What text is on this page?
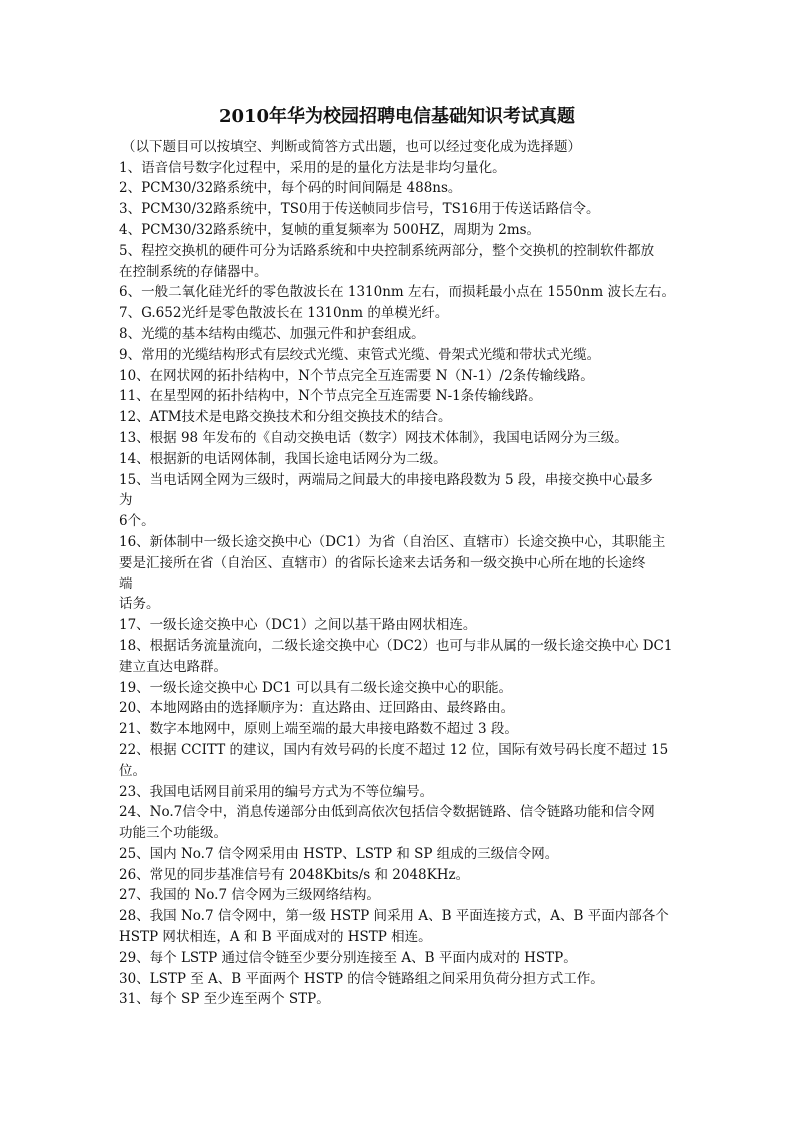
2010年华为校园招聘电信基础知识考试真题
（以下题目可以按填空、判断或简答方式出题，也可以经过变化成为选择题）
1、语音信号数字化过程中，采用的是的量化方法是非均匀量化。
2、PCM30/32路系统中，每个码的时间间隔是 488ns。
3、PCM30/32路系统中，TS0用于传送帧同步信号，TS16用于传送话路信令。
4、PCM30/32路系统中，复帧的重复频率为 500HZ，周期为 2ms。
5、程控交换机的硬件可分为话路系统和中央控制系统两部分，整个交换机的控制软件都放
在控制系统的存储器中。
6、一般二氧化硅光纤的零色散波长在 1310nm 左右，而损耗最小点在 1550nm 波长左右。
7、G.652光纤是零色散波长在 1310nm 的单模光纤。
8、光缆的基本结构由缆芯、加强元件和护套组成。
9、常用的光缆结构形式有层绞式光缆、束管式光缆、骨架式光缆和带状式光缆。
10、在网状网的拓扑结构中，N个节点完全互连需要 N（N-1）/2条传输线路。
11、在星型网的拓扑结构中，N个节点完全互连需要 N-1条传输线路。
12、ATM技术是电路交换技术和分组交换技术的结合。
13、根据 98 年发布的《自动交换电话（数字）网技术体制》，我国电话网分为三级。
14、根据新的电话网体制，我国长途电话网分为二级。
15、当电话网全网为三级时，两端局之间最大的串接电路段数为 5 段，串接交换中心最多
为
6个。
16、新体制中一级长途交换中心（DC1）为省（自治区、直辖市）长途交换中心，其职能主
要是汇接所在省（自治区、直辖市）的省际长途来去话务和一级交换中心所在地的长途终
端
话务。
17、一级长途交换中心（DC1）之间以基干路由网状相连。
18、根据话务流量流向，二级长途交换中心（DC2）也可与非从属的一级长途交换中心 DC1
建立直达电路群。
19、一级长途交换中心 DC1 可以具有二级长途交换中心的职能。
20、本地网路由的选择顺序为：直达路由、迂回路由、最终路由。
21、数字本地网中，原则上端至端的最大串接电路数不超过 3 段。
22、根据 CCITT 的建议，国内有效号码的长度不超过 12 位，国际有效号码长度不超过 15
位。
23、我国电话网目前采用的编号方式为不等位编号。
24、No.7信令中，消息传递部分由低到高依次包括信令数据链路、信令链路功能和信令网
功能三个功能级。
25、国内 No.7 信令网采用由 HSTP、LSTP 和 SP 组成的三级信令网。
26、常见的同步基准信号有 2048Kbits/s 和 2048KHz。
27、我国的 No.7 信令网为三级网络结构。
28、我国 No.7 信令网中，第一级 HSTP 间采用 A、B 平面连接方式，A、B 平面内部各个
HSTP 网状相连，A 和 B 平面成对的 HSTP 相连。
29、每个 LSTP 通过信令链至少要分别连接至 A、B 平面内成对的 HSTP。
30、LSTP 至 A、B 平面两个 HSTP 的信令链路组之间采用负荷分担方式工作。
31、每个 SP 至少连至两个 STP。
